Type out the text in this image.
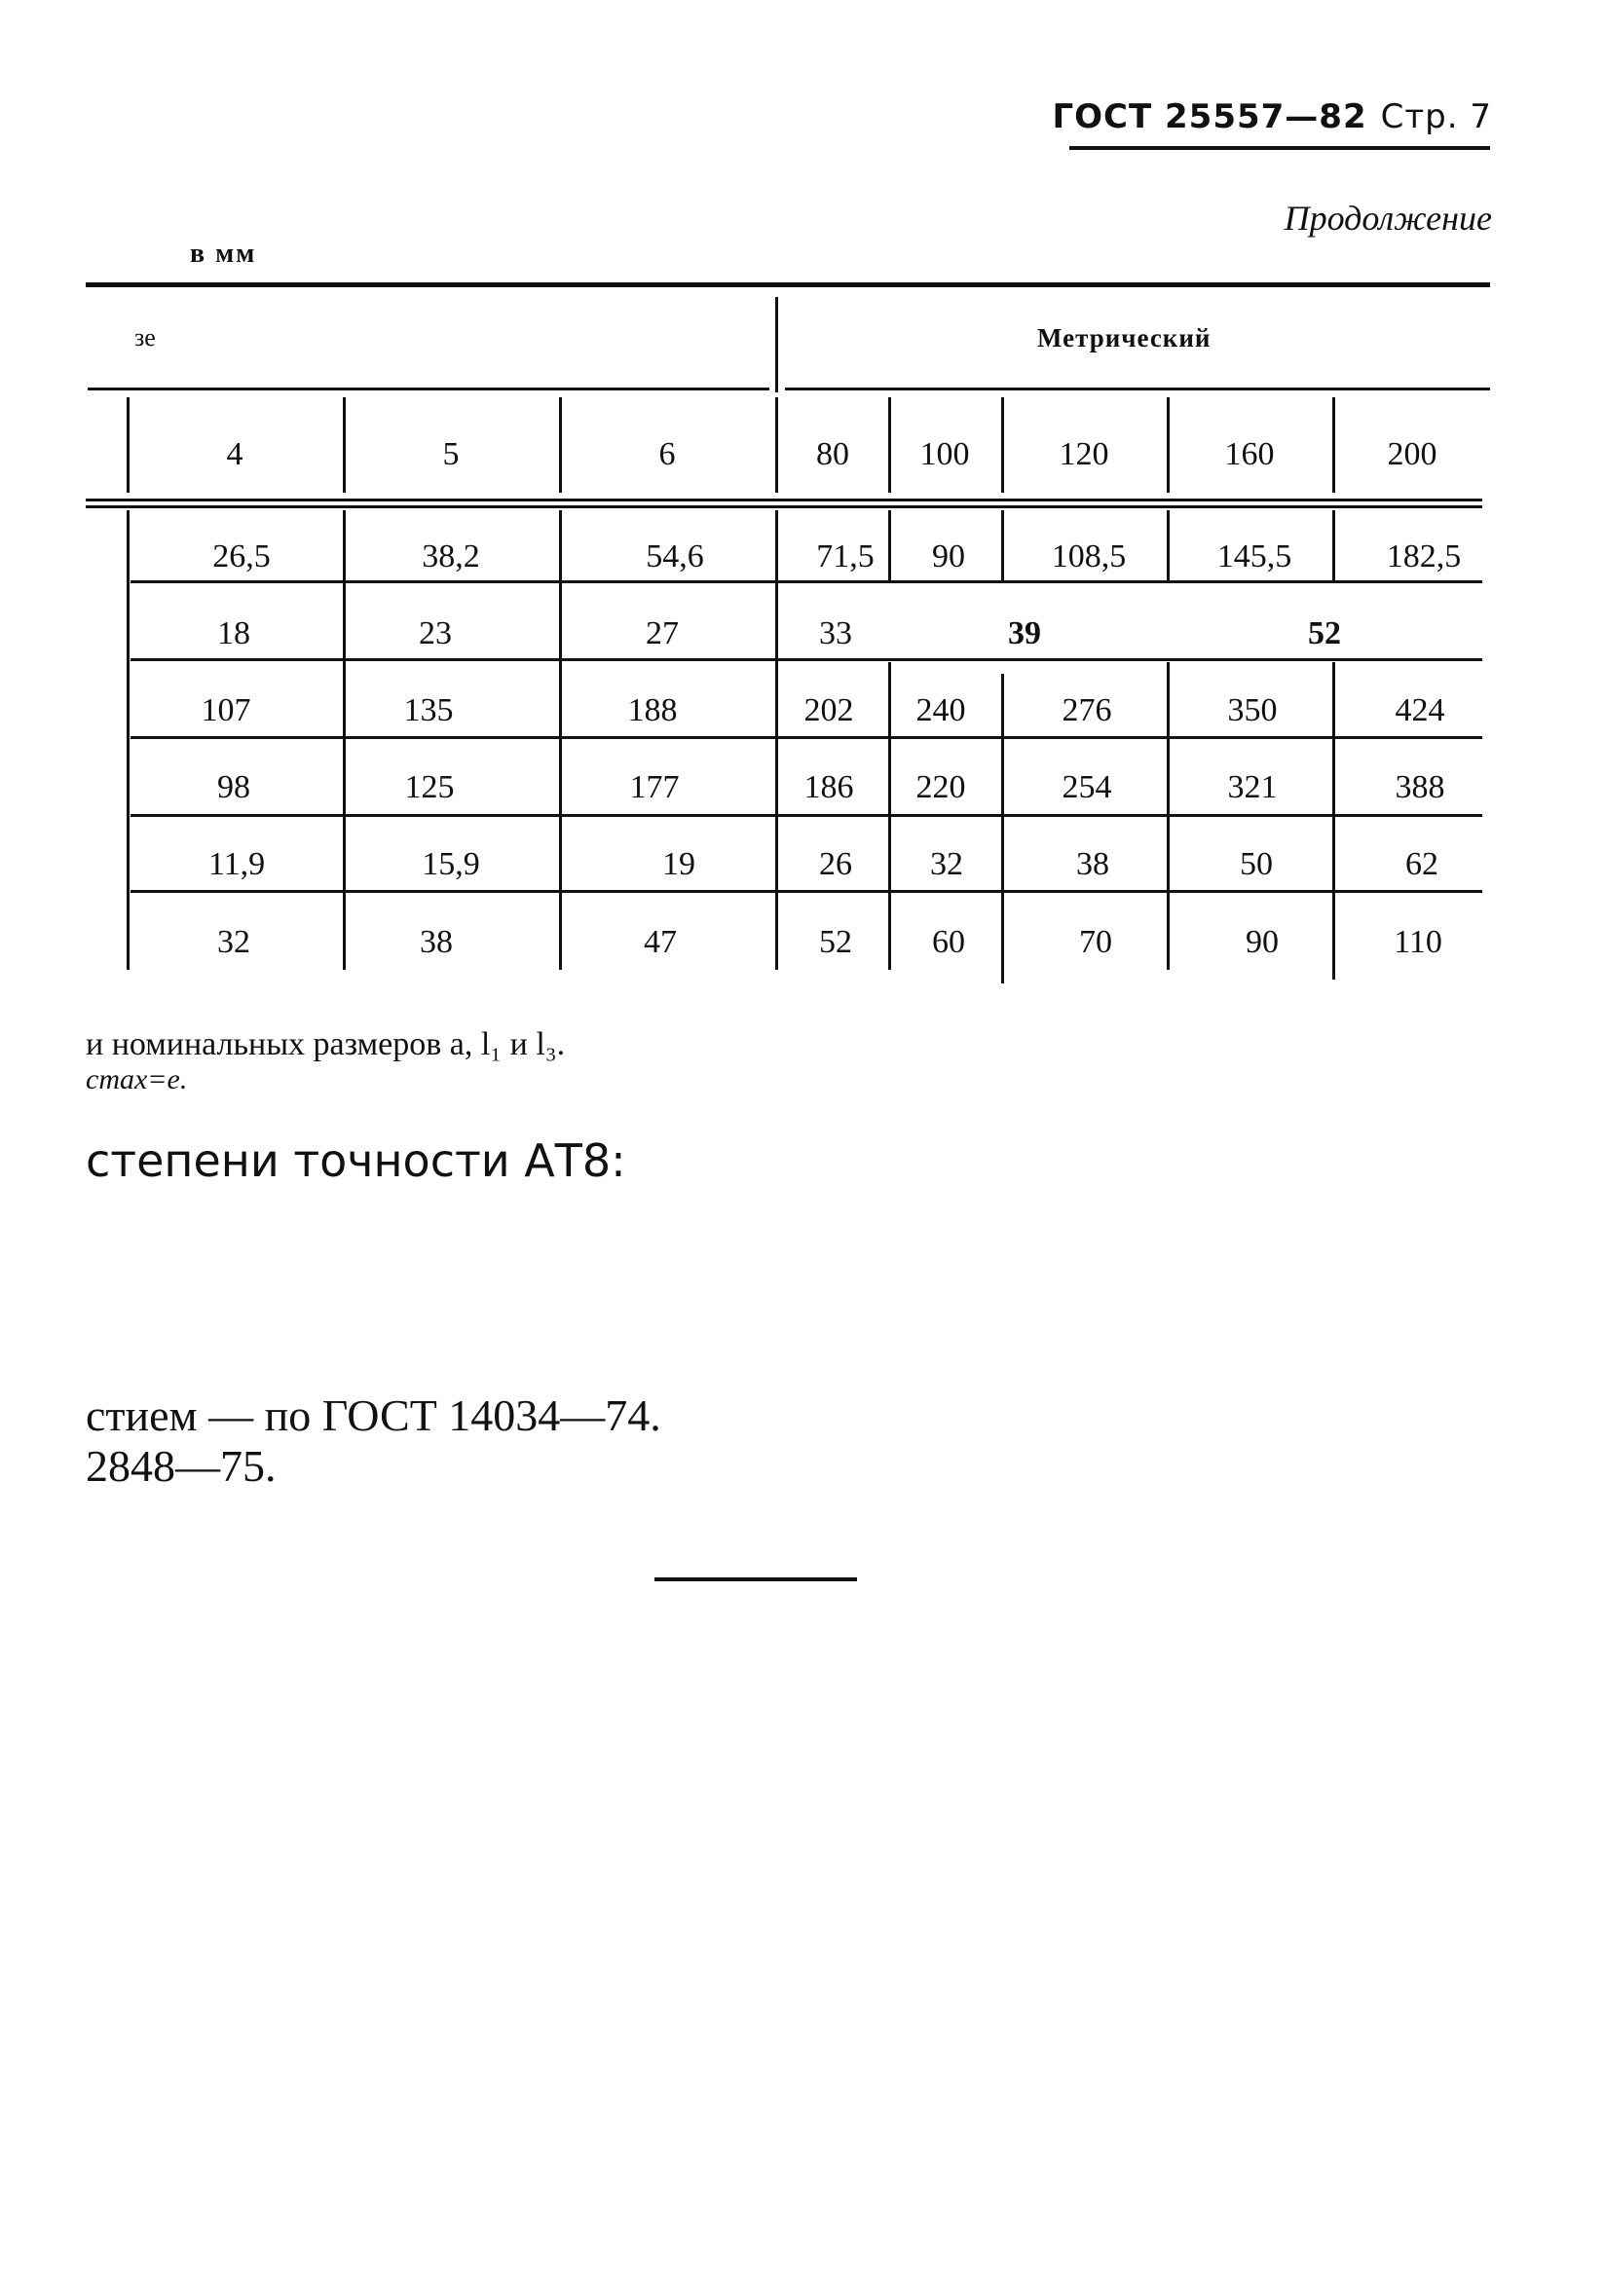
ГОСТ 25557—82 Стр. 7
Продолжение
в мм
зе	Метрический
4	5	6	80 100	120	160	200
26,5	38,2	54,6	71,5 90	108,5	145,5	182,5
18	23	27	33	39	52
107	135	188	202 240	276	350	424
98	125	177	186 220	254	321	388
11,9	15,9	19	26 32	38	50	62
32	38	47	52 60	70	90	110
и номинальных размеров a, l₁ и l₃.
cmax=e.
степени точности АТ8:
стием — по ГОСТ 14034—74.
2848—75.
